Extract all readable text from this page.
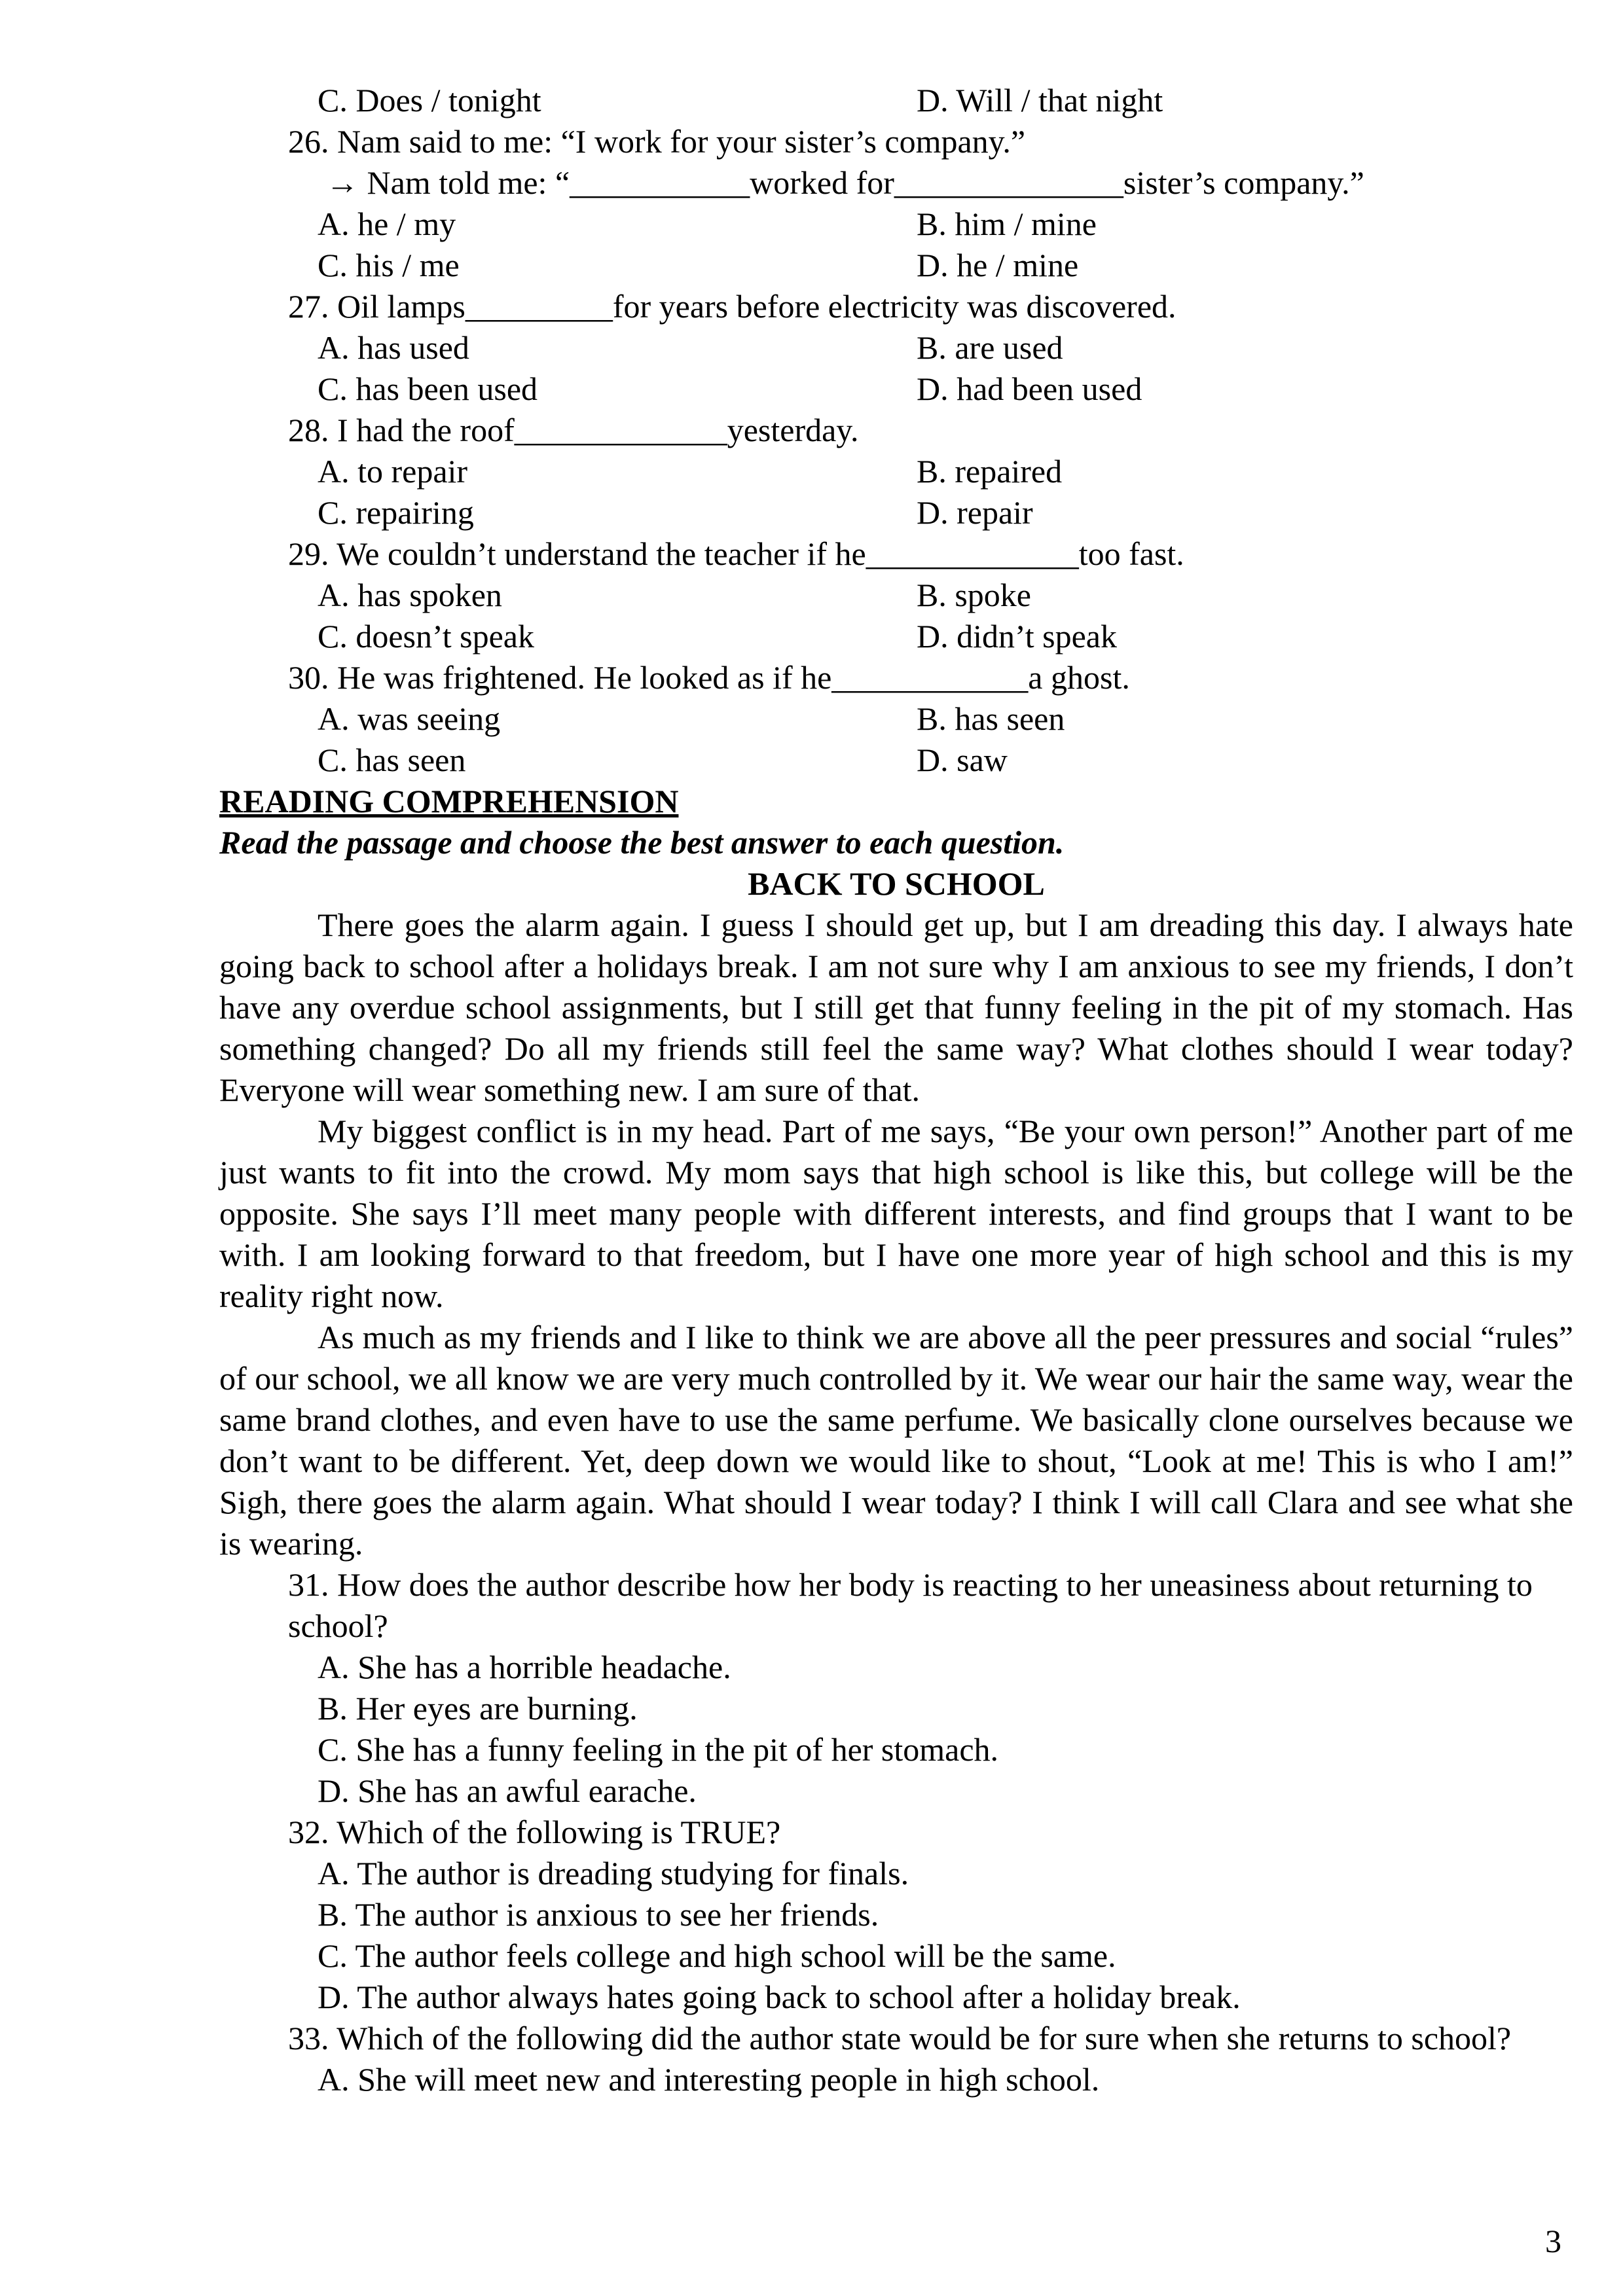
C. Does / tonight	D. Will / that night
26. Nam said to me: “I work for your sister’s company.”
→ Nam told me: “___________worked for______________sister’s company.”
A. he / my	B. him / mine
C. his / me	D. he / mine
27. Oil lamps_________for years before electricity was discovered.
A. has used	B. are used
C. has been used	D. had been used
28. I had the roof_____________yesterday.
A. to repair	B. repaired
C. repairing	D. repair
29. We couldn’t understand the teacher if he_____________too fast.
A. has spoken	B. spoke
C. doesn’t speak	D. didn’t speak
30. He was frightened. He looked as if he____________a ghost.
A. was seeing	B. has seen
C. has seen	D. saw
READING COMPREHENSION
Read the passage and choose the best answer to each question.
BACK TO SCHOOL
There goes the alarm again. I guess I should get up, but I am dreading this day. I always hate going back to school after a holidays break. I am not sure why I am anxious to see my friends, I don’t have any overdue school assignments, but I still get that funny feeling in the pit of my stomach. Has something changed? Do all my friends still feel the same way? What clothes should I wear today? Everyone will wear something new. I am sure of that.
My biggest conflict is in my head. Part of me says, “Be your own person!” Another part of me just wants to fit into the crowd. My mom says that high school is like this, but college will be the opposite. She says I’ll meet many people with different interests, and find groups that I want to be with. I am looking forward to that freedom, but I have one more year of high school and this is my reality right now.
As much as my friends and I like to think we are above all the peer pressures and social “rules” of our school, we all know we are very much controlled by it. We wear our hair the same way, wear the same brand clothes, and even have to use the same perfume. We basically clone ourselves because we don’t want to be different. Yet, deep down we would like to shout, “Look at me! This is who I am!” Sigh, there goes the alarm again. What should I wear today? I think I will call Clara and see what she is wearing.
31. How does the author describe how her body is reacting to her uneasiness about returning to school?
A. She has a horrible headache.
B. Her eyes are burning.
C. She has a funny feeling in the pit of her stomach.
D. She has an awful earache.
32. Which of the following is TRUE?
A. The author is dreading studying for finals.
B. The author is anxious to see her friends.
C. The author feels college and high school will be the same.
D. The author always hates going back to school after a holiday break.
33. Which of the following did the author state would be for sure when she returns to school?
A. She will meet new and interesting people in high school.
3
